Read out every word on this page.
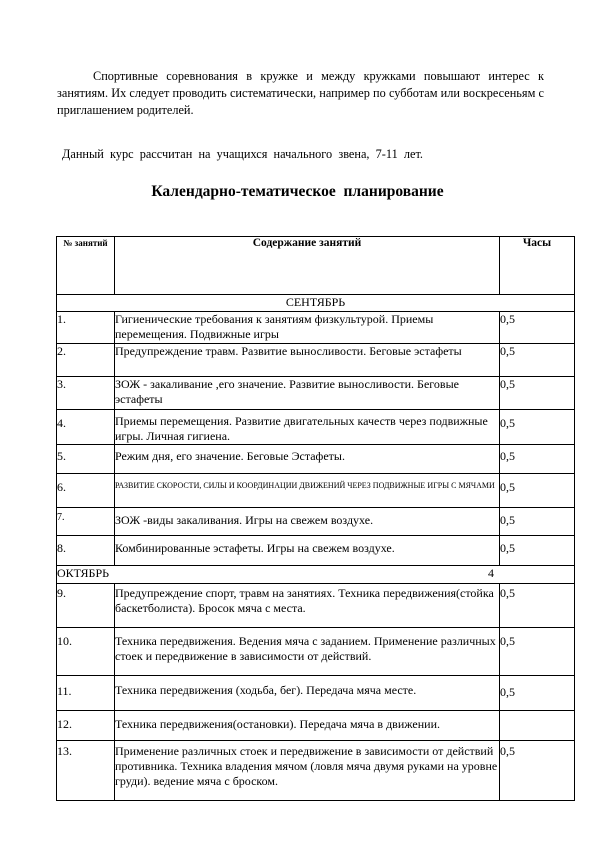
Спортивные соревнования в кружке и между кружками повышают интерес к занятиям. Их следует проводить систематически, например по субботам или воскресеньям с приглашением родителей.

Данный  курс  рассчитан  на  учащихся  начального  звена,  7-11  лет.

Календарно-тематическое  планирование
№ занятий	Содержание занятий	Часы
СЕНТЯБРЬ		
1.	Гигиенические требования к занятиям физкультурой. Приемы перемещения. Подвижные игры	0,5
2.	Предупреждение травм. Развитие выносливости. Беговые эстафеты	0,5
3.	ЗОЖ - закаливание ,его значение. Развитие выносливости. Беговые эстафеты	0,5
4.	Приемы перемещения. Развитие двигательных качеств через подвижные игры. Личная гигиена.	0,5
5.	Режим дня, его значение. Беговые Эстафеты.	0,5
6.	РАЗВИТИЕ СКОРОСТИ, СИЛЫ И КООРДИНАЦИИ ДВИЖЕНИЙ ЧЕРЕЗ ПОДВИЖНЫЕ ИГРЫ С МЯЧАМИ	0,5
7.	ЗОЖ -виды закаливания. Игры на свежем воздухе.	0,5
8.	Комбинированные эстафеты. Игры на свежем воздухе.	0,5
ОКТЯБРЬ 4		

9.	Предупреждение спорт, травм на занятиях. Техника передвижения(стойка баскетболиста). Бросок мяча с места.	0,5
10.	Техника передвижения. Ведения мяча с заданием. Применение различных стоек и передвижение в зависимости от действий.	0,5
11.	Техника передвижения (ходьба, бег). Передача мяча месте.	0,5
12.	Техника передвижения(остановки). Передача мяча в движении.	
13.	Применение различных стоек и передвижение в зависимости от действий противника. Техника владения мячом (ловля мяча двумя руками на уровне груди). ведение мяча с броском.	0,5
